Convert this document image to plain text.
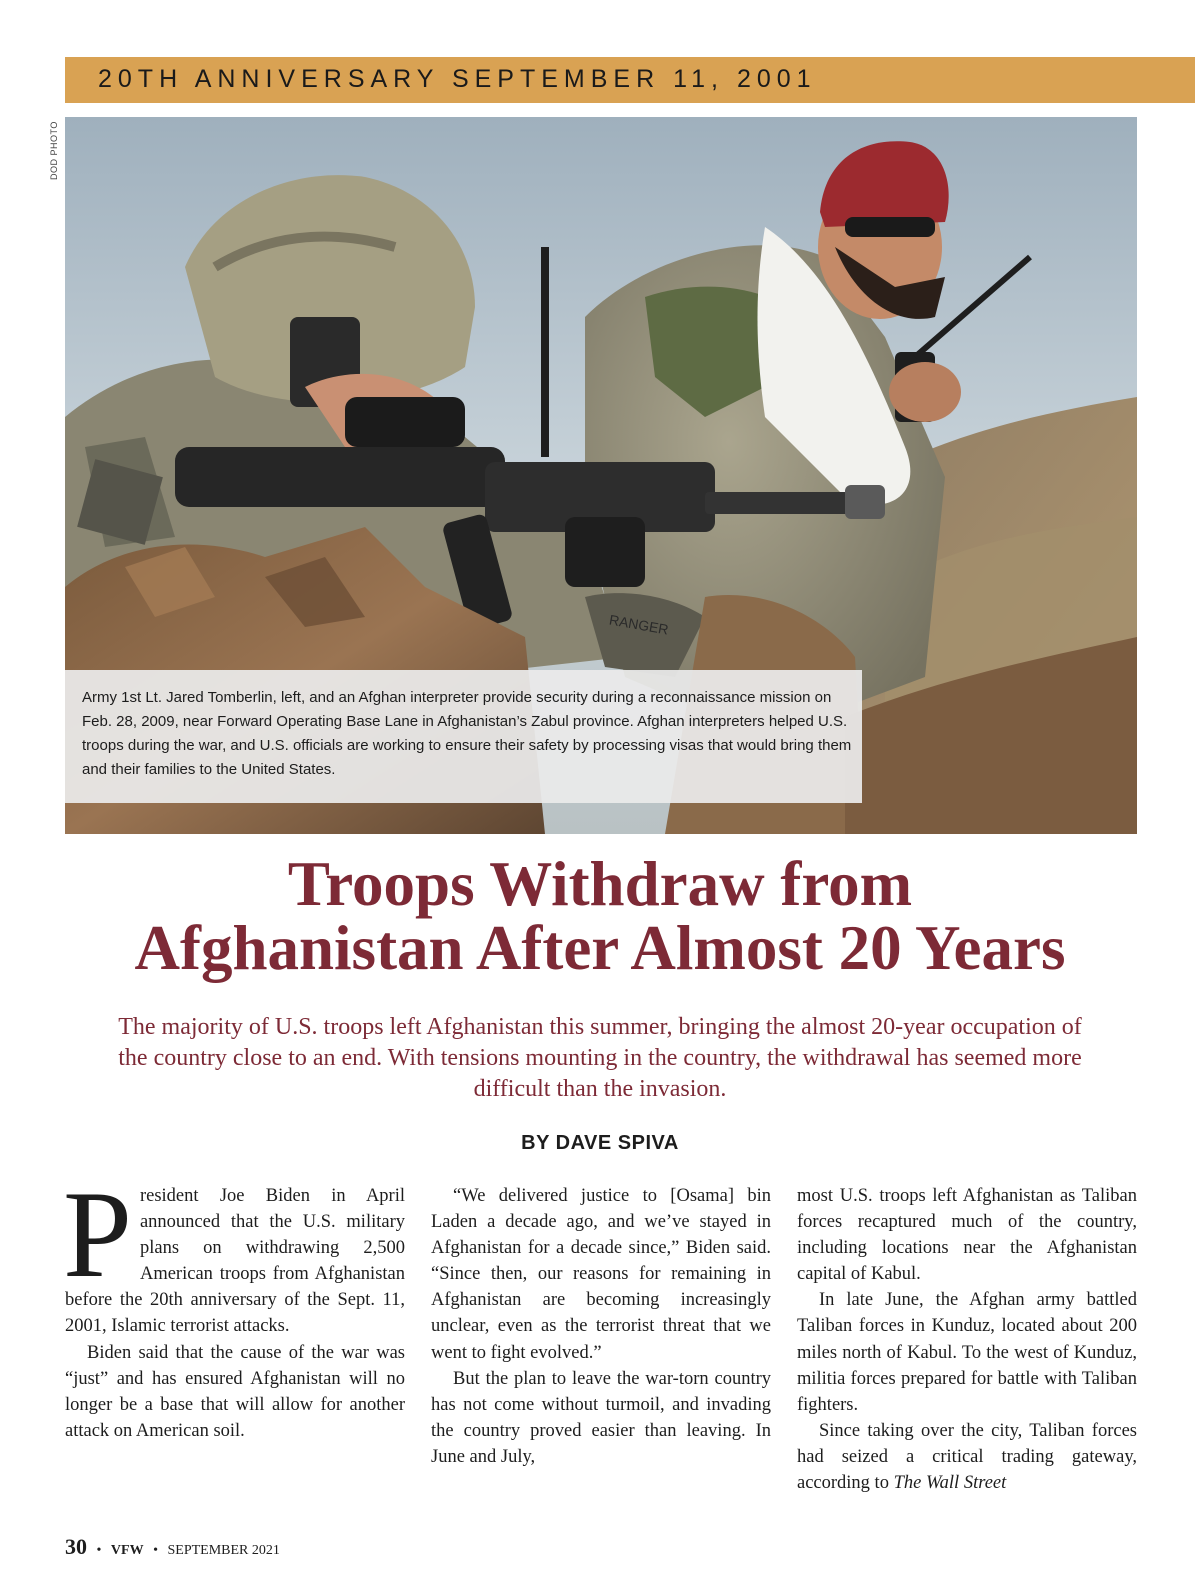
20TH ANNIVERSARY SEPTEMBER 11, 2001
DOD PHOTO
RANGER
Army 1st Lt. Jared Tomberlin, left, and an Afghan interpreter provide security during a reconnaissance mission on Feb. 28, 2009, near Forward Operating Base Lane in Afghanistan’s Zabul province. Afghan interpreters helped U.S. troops during the war, and U.S. officials are working to ensure their safety by processing visas that would bring them and their families to the United States.
Troops Withdraw from
Afghanistan After Almost 20 Years

The majority of U.S. troops left Afghanistan this summer, bringing the almost 20-year occupation of the country close to an end. With tensions mounting in the country, the withdrawal has seemed more difficult than the invasion.

BY DAVE SPIVA

President Joe Biden in April announced that the U.S. military plans on withdrawing 2,500 American troops from Afghanistan before the 20th anniversary of the Sept. 11, 2001, Islamic terrorist attacks.

Biden said that the cause of the war was “just” and has ensured Afghanistan will no longer be a base that will allow for another attack on American soil.

“We delivered justice to [Osama] bin Laden a decade ago, and we’ve stayed in Afghanistan for a decade since,” Biden said. “Since then, our reasons for remaining in Afghanistan are becoming increasingly unclear, even as the terrorist threat that we went to fight evolved.”

But the plan to leave the war-torn country has not come without turmoil, and invading the country proved easier than leaving. In June and July,

most U.S. troops left Afghanistan as Taliban forces recaptured much of the country, including locations near the Afghanistan capital of Kabul.

In late June, the Afghan army battled Taliban forces in Kunduz, located about 200 miles north of Kabul. To the west of Kunduz, militia forces prepared for battle with Taliban fighters.

Since taking over the city, Taliban forces had seized a critical trading gateway, according to The Wall Street

30 • VFW • SEPTEMBER 2021
